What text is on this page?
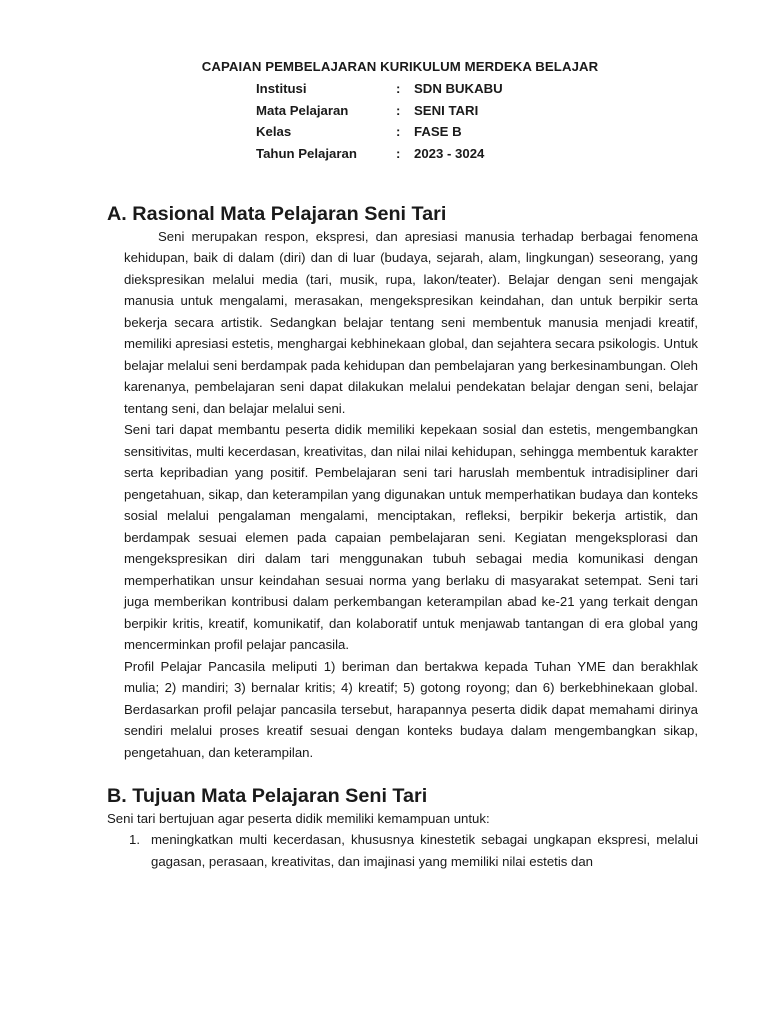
CAPAIAN PEMBELAJARAN KURIKULUM MERDEKA BELAJAR
Institusi	:	SDN BUKABU
Mata Pelajaran	:	SENI TARI
Kelas	:	FASE B
Tahun Pelajaran	:	2023 - 3024
A. Rasional Mata Pelajaran Seni Tari

Seni merupakan respon, ekspresi, dan apresiasi manusia terhadap berbagai fenomena kehidupan, baik di dalam (diri) dan di luar (budaya, sejarah, alam, lingkungan) seseorang, yang diekspresikan melalui media (tari, musik, rupa, lakon/teater). Belajar dengan seni mengajak manusia untuk mengalami, merasakan, mengekspresikan keindahan, dan untuk berpikir serta bekerja secara artistik. Sedangkan belajar tentang seni membentuk manusia menjadi kreatif, memiliki apresiasi estetis, menghargai kebhinekaan global, dan sejahtera secara psikologis. Untuk belajar melalui seni berdampak pada kehidupan dan pembelajaran yang berkesinambungan. Oleh karenanya, pembelajaran seni dapat dilakukan melalui pendekatan belajar dengan seni, belajar tentang seni, dan belajar melalui seni.

Seni tari dapat membantu peserta didik memiliki kepekaan sosial dan estetis, mengembangkan sensitivitas, multi kecerdasan, kreativitas, dan nilai nilai kehidupan, sehingga membentuk karakter serta kepribadian yang positif. Pembelajaran seni tari haruslah membentuk intradisipliner dari pengetahuan, sikap, dan keterampilan yang digunakan untuk memperhatikan budaya dan konteks sosial melalui pengalaman mengalami, menciptakan, refleksi, berpikir bekerja artistik, dan berdampak sesuai elemen pada capaian pembelajaran seni. Kegiatan mengeksplorasi dan mengekspresikan diri dalam tari menggunakan tubuh sebagai media komunikasi dengan memperhatikan unsur keindahan sesuai norma yang berlaku di masyarakat setempat. Seni tari juga memberikan kontribusi dalam perkembangan keterampilan abad ke-21 yang terkait dengan berpikir kritis, kreatif, komunikatif, dan kolaboratif untuk menjawab tantangan di era global yang mencerminkan profil pelajar pancasila.

Profil Pelajar Pancasila meliputi 1) beriman dan bertakwa kepada Tuhan YME dan berakhlak mulia; 2) mandiri; 3) bernalar kritis; 4) kreatif; 5) gotong royong; dan 6) berkebhinekaan global. Berdasarkan profil pelajar pancasila tersebut, harapannya peserta didik dapat memahami dirinya sendiri melalui proses kreatif sesuai dengan konteks budaya dalam mengembangkan sikap, pengetahuan, dan keterampilan.

B. Tujuan Mata Pelajaran Seni Tari

Seni tari bertujuan agar peserta didik memiliki kemampuan untuk:

1. meningkatkan multi kecerdasan, khususnya kinestetik sebagai ungkapan ekspresi, melalui gagasan, perasaan, kreativitas, dan imajinasi yang memiliki nilai estetis dan
